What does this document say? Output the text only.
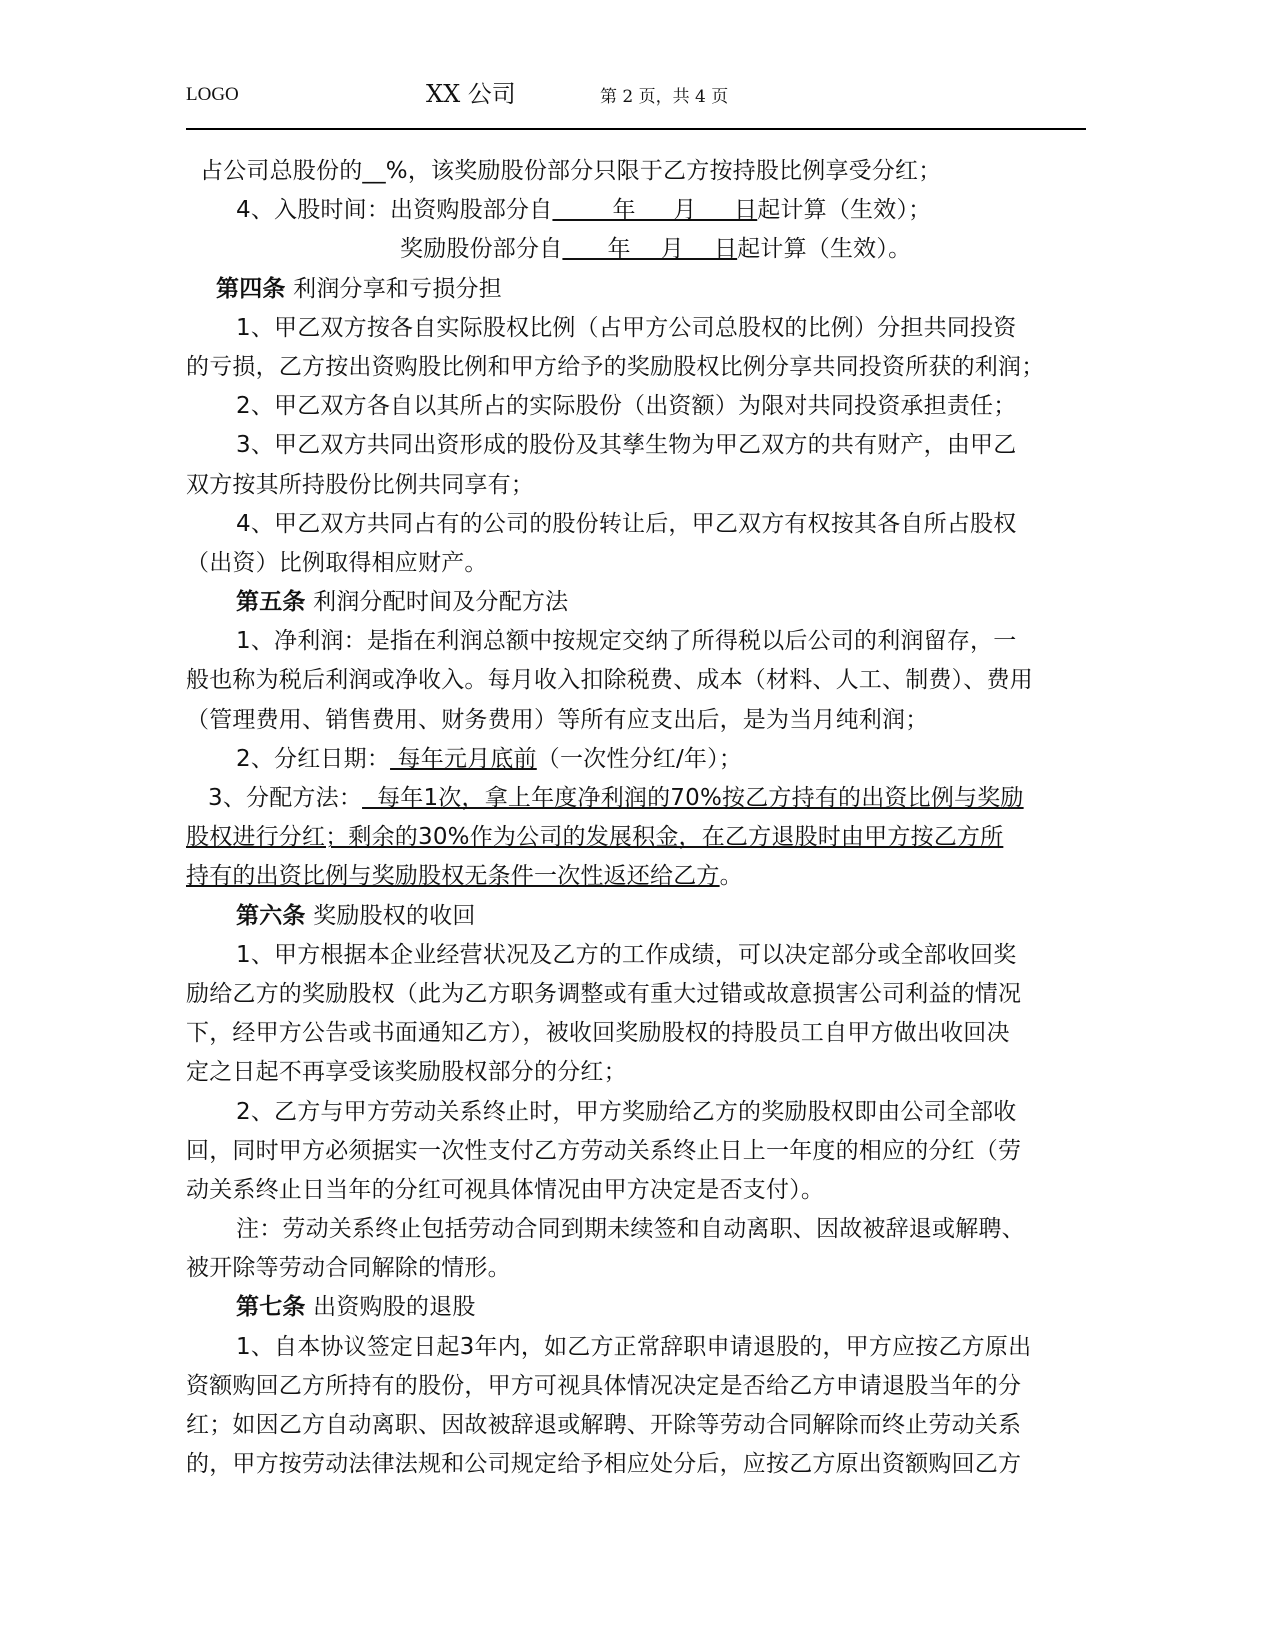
LOGO	XX 公司	第 2 页，共 4 页
占公司总股份的__%，该奖励股份部分只限于乙方按持股比例享受分红；
4、入股时间：出资购股部分自        年     月     日起计算（生效）；
奖励股份部分自      年    月    日起计算（生效）。
第四条 利润分享和亏损分担
1、甲乙双方按各自实际股权比例（占甲方公司总股权的比例）分担共同投资
的亏损，乙方按出资购股比例和甲方给予的奖励股权比例分享共同投资所获的利润；
2、甲乙双方各自以其所占的实际股份（出资额）为限对共同投资承担责任；
3、甲乙双方共同出资形成的股份及其孳生物为甲乙双方的共有财产，由甲乙
双方按其所持股份比例共同享有；
4、甲乙双方共同占有的公司的股份转让后，甲乙双方有权按其各自所占股权
（出资）比例取得相应财产。
第五条 利润分配时间及分配方法
1、净利润：是指在利润总额中按规定交纳了所得税以后公司的利润留存，一
般也称为税后利润或净收入。每月收入扣除税费、成本（材料、人工、制费）、费用
（管理费用、销售费用、财务费用）等所有应支出后，是为当月纯利润；
2、分红日期： 每年元月底前（一次性分红/年）；
3、分配方法：  每年1次，拿上年度净利润的70%按乙方持有的出资比例与奖励
股权进行分红；剩余的30%作为公司的发展积金，在乙方退股时由甲方按乙方所
持有的出资比例与奖励股权无条件一次性返还给乙方。
第六条 奖励股权的收回
1、甲方根据本企业经营状况及乙方的工作成绩，可以决定部分或全部收回奖
励给乙方的奖励股权（此为乙方职务调整或有重大过错或故意损害公司利益的情况
下，经甲方公告或书面通知乙方），被收回奖励股权的持股员工自甲方做出收回决
定之日起不再享受该奖励股权部分的分红；
2、乙方与甲方劳动关系终止时，甲方奖励给乙方的奖励股权即由公司全部收
回，同时甲方必须据实一次性支付乙方劳动关系终止日上一年度的相应的分红（劳
动关系终止日当年的分红可视具体情况由甲方决定是否支付）。
注：劳动关系终止包括劳动合同到期未续签和自动离职、因故被辞退或解聘、
被开除等劳动合同解除的情形。
第七条 出资购股的退股
1、自本协议签定日起3年内，如乙方正常辞职申请退股的，甲方应按乙方原出
资额购回乙方所持有的股份，甲方可视具体情况决定是否给乙方申请退股当年的分
红；如因乙方自动离职、因故被辞退或解聘、开除等劳动合同解除而终止劳动关系
的，甲方按劳动法律法规和公司规定给予相应处分后，应按乙方原出资额购回乙方
